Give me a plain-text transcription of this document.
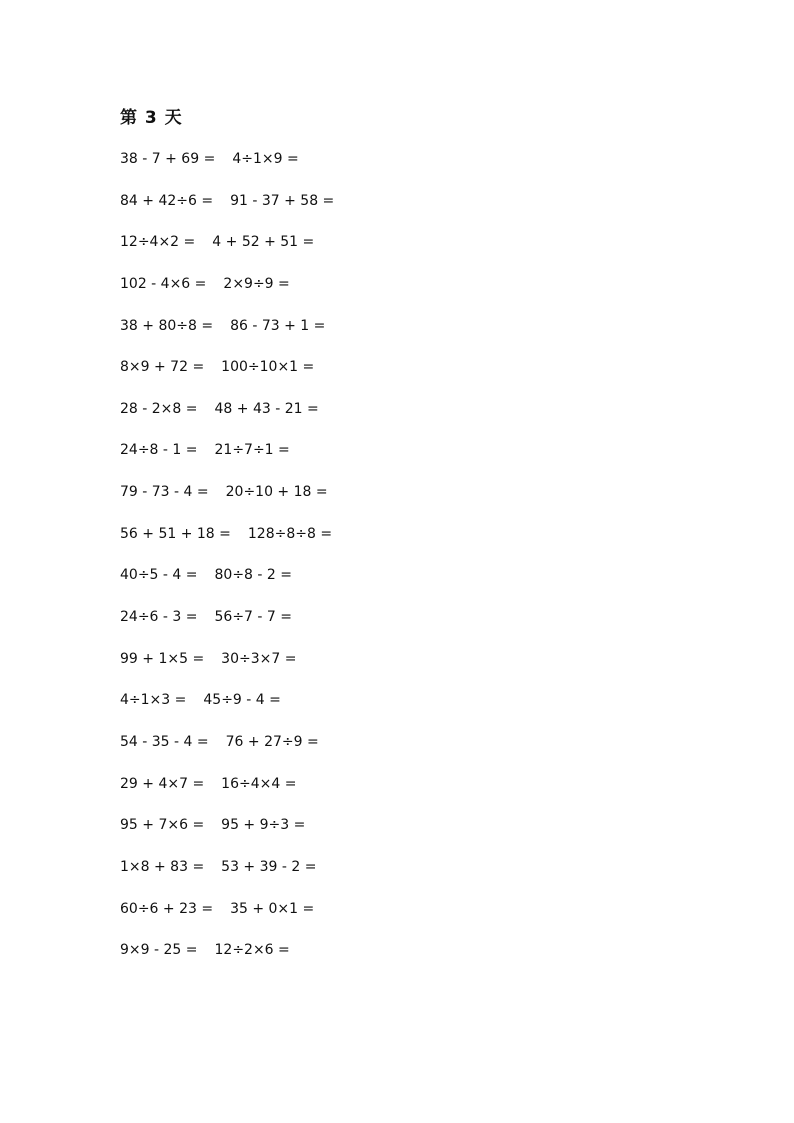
第 3 天
38 - 7 + 69 = 4÷1×9 =
84 + 42÷6 = 91 - 37 + 58 =
12÷4×2 = 4 + 52 + 51 =
102 - 4×6 = 2×9÷9 =
38 + 80÷8 = 86 - 73 + 1 =
8×9 + 72 = 100÷10×1 =
28 - 2×8 = 48 + 43 - 21 =
24÷8 - 1 = 21÷7÷1 =
79 - 73 - 4 = 20÷10 + 18 =
56 + 51 + 18 = 128÷8÷8 =
40÷5 - 4 = 80÷8 - 2 =
24÷6 - 3 = 56÷7 - 7 =
99 + 1×5 = 30÷3×7 =
4÷1×3 = 45÷9 - 4 =
54 - 35 - 4 = 76 + 27÷9 =
29 + 4×7 = 16÷4×4 =
95 + 7×6 = 95 + 9÷3 =
1×8 + 83 = 53 + 39 - 2 =
60÷6 + 23 = 35 + 0×1 =
9×9 - 25 = 12÷2×6 =
